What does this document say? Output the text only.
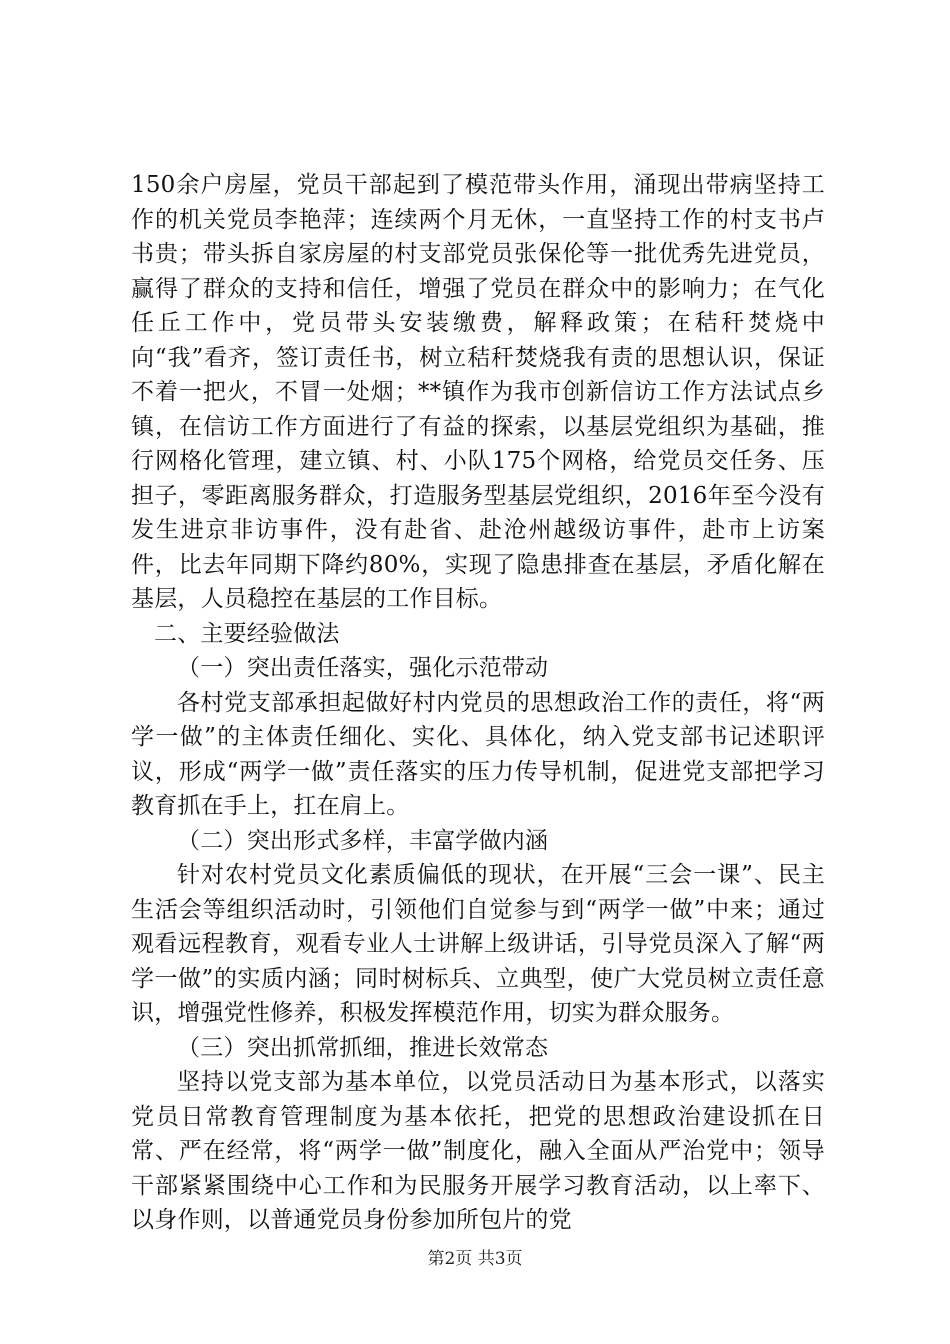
150余户房屋，党员干部起到了模范带头作用，涌现出带病坚持工作的机关党员李艳萍；连续两个月无休，一直坚持工作的村支书卢书贵；带头拆自家房屋的村支部党员张保伦等一批优秀先进党员，赢得了群众的支持和信任，增强了党员在群众中的影响力；在气化任丘工作中，党员带头安装缴费，解释政策；在秸秆焚烧中向“我”看齐，签订责任书，树立秸秆焚烧我有责的思想认识，保证不着一把火，不冒一处烟；**镇作为我市创新信访工作方法试点乡镇，在信访工作方面进行了有益的探索，以基层党组织为基础，推行网格化管理，建立镇、村、小队175个网格，给党员交任务、压担子，零距离服务群众，打造服务型基层党组织，2016年至今没有发生进京非访事件，没有赴省、赴沧州越级访事件，赴市上访案件，比去年同期下降约80%，实现了隐患排查在基层，矛盾化解在基层，人员稳控在基层的工作目标。

二、主要经验做法

（一）突出责任落实，强化示范带动

各村党支部承担起做好村内党员的思想政治工作的责任，将“两学一做”的主体责任细化、实化、具体化，纳入党支部书记述职评议，形成“两学一做”责任落实的压力传导机制，促进党支部把学习教育抓在手上，扛在肩上。

（二）突出形式多样，丰富学做内涵

针对农村党员文化素质偏低的现状，在开展“三会一课”、民主生活会等组织活动时，引领他们自觉参与到“两学一做”中来；通过观看远程教育，观看专业人士讲解上级讲话，引导党员深入了解“两学一做”的实质内涵；同时树标兵、立典型，使广大党员树立责任意识，增强党性修养，积极发挥模范作用，切实为群众服务。

（三）突出抓常抓细，推进长效常态

坚持以党支部为基本单位，以党员活动日为基本形式，以落实党员日常教育管理制度为基本依托，把党的思想政治建设抓在日常、严在经常，将“两学一做”制度化，融入全面从严治党中；领导干部紧紧围绕中心工作和为民服务开展学习教育活动，以上率下、以身作则，以普通党员身份参加所包片的党

第2页 共3页
